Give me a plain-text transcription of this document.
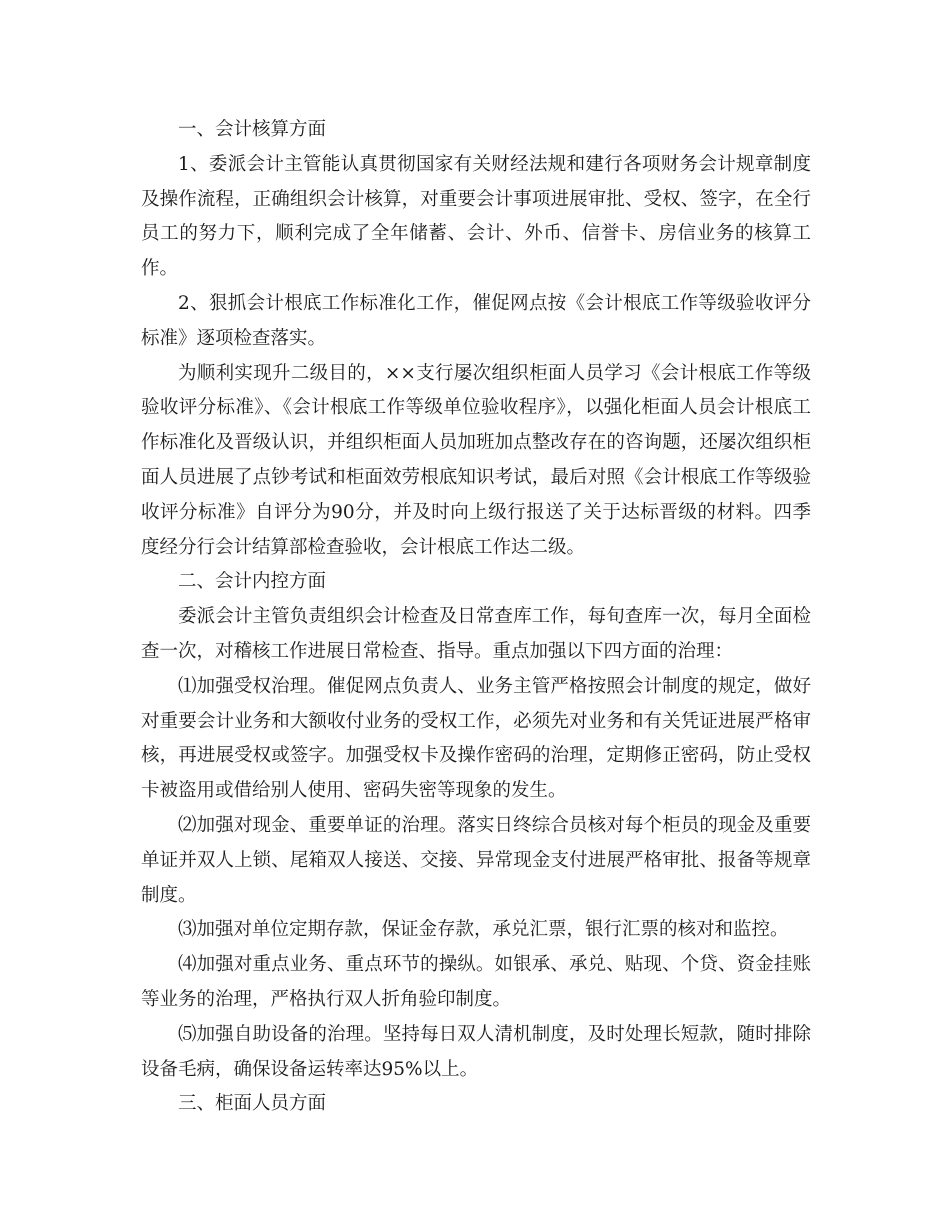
一、会计核算方面

1、委派会计主管能认真贯彻国家有关财经法规和建行各项财务会计规章制度及操作流程，正确组织会计核算，对重要会计事项进展审批、受权、签字，在全行员工的努力下，顺利完成了全年储蓄、会计、外币、信誉卡、房信业务的核算工作。

2、狠抓会计根底工作标准化工作，催促网点按《会计根底工作等级验收评分标准》逐项检查落实。

为顺利实现升二级目的，××支行屡次组织柜面人员学习《会计根底工作等级验收评分标准》、《会计根底工作等级单位验收程序》，以强化柜面人员会计根底工作标准化及晋级认识，并组织柜面人员加班加点整改存在的咨询题，还屡次组织柜面人员进展了点钞考试和柜面效劳根底知识考试，最后对照《会计根底工作等级验收评分标准》自评分为90分，并及时向上级行报送了关于达标晋级的材料。四季度经分行会计结算部检查验收，会计根底工作达二级。

二、会计内控方面

委派会计主管负责组织会计检查及日常查库工作，每旬查库一次，每月全面检查一次，对稽核工作进展日常检查、指导。重点加强以下四方面的治理：

⑴加强受权治理。催促网点负责人、业务主管严格按照会计制度的规定，做好对重要会计业务和大额收付业务的受权工作，必须先对业务和有关凭证进展严格审核，再进展受权或签字。加强受权卡及操作密码的治理，定期修正密码，防止受权卡被盗用或借给别人使用、密码失密等现象的发生。

⑵加强对现金、重要单证的治理。落实日终综合员核对每个柜员的现金及重要单证并双人上锁、尾箱双人接送、交接、异常现金支付进展严格审批、报备等规章制度。

⑶加强对单位定期存款，保证金存款，承兑汇票，银行汇票的核对和监控。

⑷加强对重点业务、重点环节的操纵。如银承、承兑、贴现、个贷、资金挂账等业务的治理，严格执行双人折角验印制度。

⑸加强自助设备的治理。坚持每日双人清机制度，及时处理长短款，随时排除设备毛病，确保设备运转率达95%以上。

三、柜面人员方面
